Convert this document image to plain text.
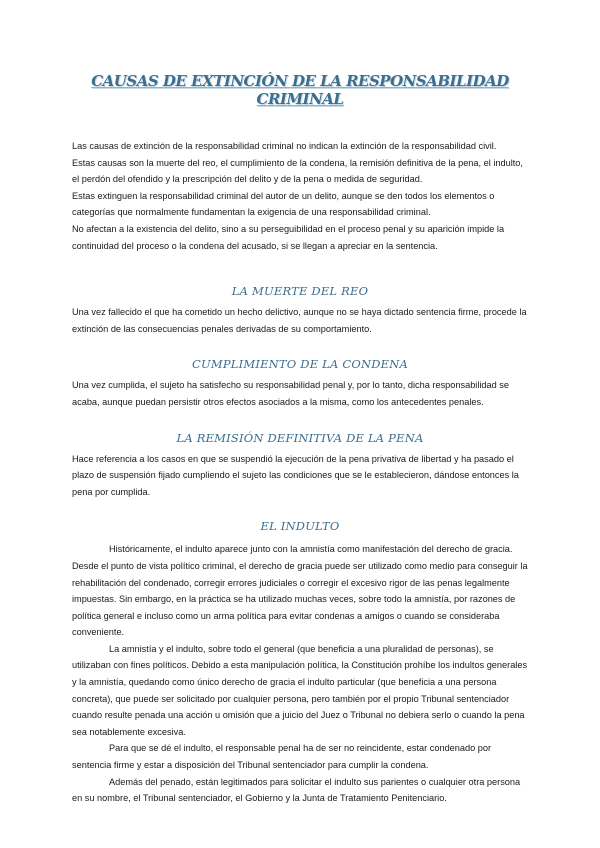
CAUSAS DE EXTINCIÓN DE LA RESPONSABILIDAD CRIMINAL

Las causas de extinción de la responsabilidad criminal no indican la extinción de la responsabilidad civil.

Estas causas son la muerte del reo, el cumplimiento de la condena, la remisión definitiva de la pena, el indulto, el perdón del ofendido y la prescripción del delito y de la pena o medida de seguridad.

Estas extinguen la responsabilidad criminal del autor de un delito, aunque se den todos los elementos o categorías que normalmente fundamentan la exigencia de una responsabilidad criminal.

No afectan a la existencia del delito, sino a su perseguibilidad en el proceso penal y su aparición impide la continuidad del proceso o la condena del acusado, si se llegan a apreciar en la sentencia.

LA MUERTE DEL REO

Una vez fallecido el que ha cometido un hecho delictivo, aunque no se haya dictado sentencia firme, procede la extinción de las consecuencias penales derivadas de su comportamiento.

CUMPLIMIENTO DE LA CONDENA

Una vez cumplida, el sujeto ha satisfecho su responsabilidad penal y, por lo tanto, dicha responsabilidad se acaba, aunque puedan persistir otros efectos asociados a la misma, como los antecedentes penales.

LA REMISIÓN DEFINITIVA DE LA PENA

Hace referencia a los casos en que se suspendió la ejecución de la pena privativa de libertad y ha pasado el plazo de suspensión fijado cumpliendo el sujeto las condiciones que se le establecieron, dándose entonces la pena por cumplida.

EL INDULTO

Históricamente, el indulto aparece junto con la amnistía como manifestación del derecho de gracia. Desde el punto de vista político criminal, el derecho de gracia puede ser utilizado como medio para conseguir la rehabilitación del condenado, corregir errores judiciales o corregir el excesivo rigor de las penas legalmente impuestas. Sin embargo, en la práctica se ha utilizado muchas veces, sobre todo la amnistía, por razones de política general e incluso como un arma política para evitar condenas a amigos o cuando se consideraba conveniente.

La amnistía y el indulto, sobre todo el general (que beneficia a una pluralidad de personas), se utilizaban con fines políticos. Debido a esta manipulación política, la Constitución prohíbe los indultos generales y la amnistía, quedando como único derecho de gracia el indulto particular (que beneficia a una persona concreta), que puede ser solicitado por cualquier persona, pero también por el propio Tribunal sentenciador cuando resulte penada una acción u omisión que a juicio del Juez o Tribunal no debiera serlo o cuando la pena sea notablemente excesiva.

Para que se dé el indulto, el responsable penal ha de ser no reincidente, estar condenado por sentencia firme y estar a disposición del Tribunal sentenciador para cumplir la condena.

Además del penado, están legitimados para solicitar el indulto sus parientes o cualquier otra persona en su nombre, el Tribunal sentenciador, el Gobierno y la Junta de Tratamiento Penitenciario.
